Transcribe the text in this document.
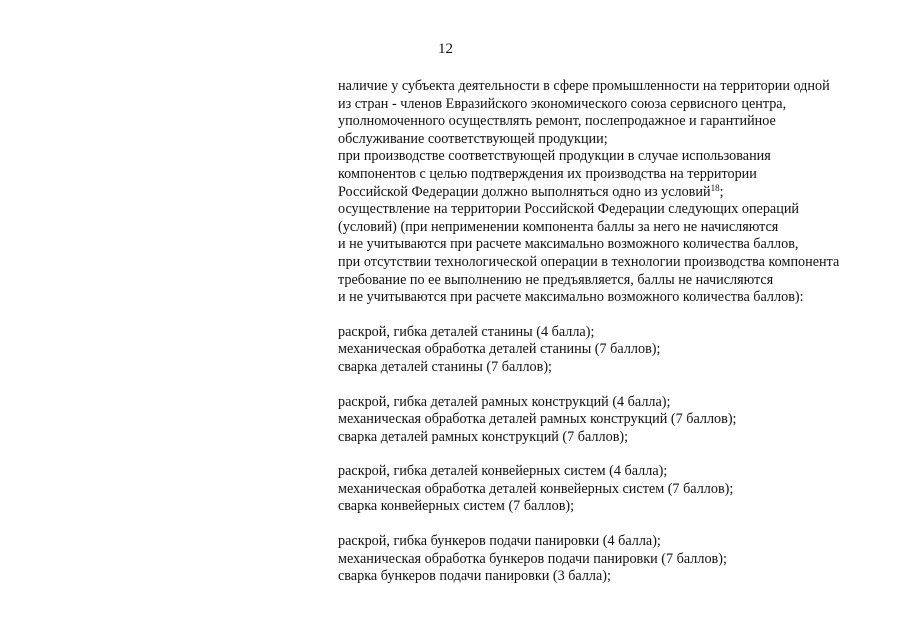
12
наличие у субъекта деятельности в сфере промышленности на территории одной
из стран - членов Евразийского экономического союза сервисного центра,
уполномоченного осуществлять ремонт, послепродажное и гарантийное
обслуживание соответствующей продукции;
при производстве соответствующей продукции в случае использования
компонентов с целью подтверждения их производства на территории
Российской Федерации должно выполняться одно из условий$^{18}$;
осуществление на территории Российской Федерации следующих операций
(условий) (при неприменении компонента баллы за него не начисляются
и не учитываются при расчете максимально возможного количества баллов,
при отсутствии технологической операции в технологии производства компонента
требование по ее выполнению не предъявляется, баллы не начисляются
и не учитываются при расчете максимально возможного количества баллов):
раскрой, гибка деталей станины (4 балла);
механическая обработка деталей станины (7 баллов);
сварка деталей станины (7 баллов);
раскрой, гибка деталей рамных конструкций (4 балла);
механическая обработка деталей рамных конструкций (7 баллов);
сварка деталей рамных конструкций (7 баллов);
раскрой, гибка деталей конвейерных систем (4 балла);
механическая обработка деталей конвейерных систем (7 баллов);
сварка конвейерных систем (7 баллов);
раскрой, гибка бункеров подачи панировки (4 балла);
механическая обработка бункеров подачи панировки (7 баллов);
сварка бункеров подачи панировки (3 балла);
